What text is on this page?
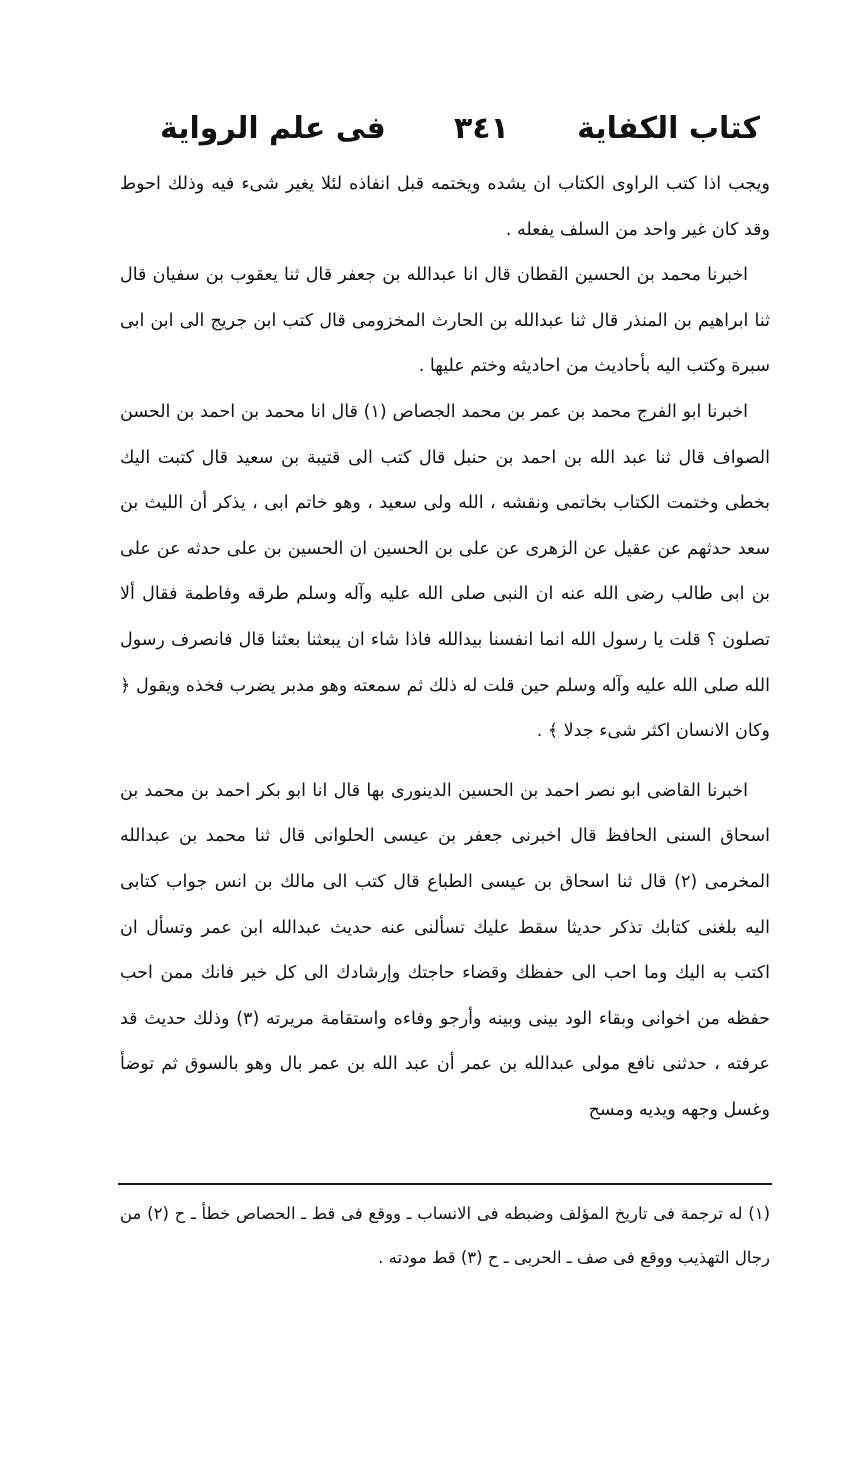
كتاب الكفاية
٣٤١
فى علم الرواية

ويجب اذا كتب الراوى الكتاب ان يشده ويختمه قبل انفاذه لئلا يغير شىء فيه وذلك احوط وقد كان غير واحد من السلف يفعله .

اخبرنا محمد بن الحسين القطان قال انا عبدالله بن جعفر قال ثنا يعقوب بن سفيان قال ثنا ابراهيم بن المنذر قال ثنا عبدالله بن الحارث المخزومى قال كتب ابن جريج الى ابن ابى سبرة وكتب اليه بأحاديث من احاديثه وختم عليها .

اخبرنا ابو الفرج محمد بن عمر بن محمد الجصاص (١) قال انا محمد بن احمد بن الحسن الصواف قال ثنا عبد الله بن احمد بن حنبل قال كتب الى قتيبة بن سعيد قال كتبت اليك بخطى وختمت الكتاب بخاتمى ونقشه ، الله ولى سعيد ، وهو خاتم ابى ، يذكر أن الليث بن سعد حدثهم عن عقيل عن الزهرى عن على بن الحسين ان الحسين بن على حدثه عن على بن ابى طالب رضى الله عنه ان النبى صلى الله عليه وآله وسلم طرقه وفاطمة فقال ألا تصلون ؟ قلت يا رسول الله انما انفسنا بيدالله فاذا شاء ان يبعثنا بعثنا قال فانصرف رسول الله صلى الله عليه وآله وسلم حين قلت له ذلك ثم سمعته وهو مدبر يضرب فخذه ويقول ﴿ وكان الانسان اكثر شىء جدلا ﴾ .

اخبرنا القاضى ابو نصر احمد بن الحسين الدينورى بها قال انا ابو بكر احمد بن محمد بن اسحاق السنى الحافظ قال اخبرنى جعفر بن عيسى الحلوانى قال ثنا محمد بن عبدالله المخرمى (٢) قال ثنا اسحاق بن عيسى الطباع قال كتب الى مالك بن انس جواب كتابى اليه بلغنى كتابك تذكر حديثا سقط عليك تسألنى عنه حديث عبدالله ابن عمر وتسأل ان اكتب به اليك وما احب الى حفظك وقضاء حاجتك وإرشادك الى كل خير فانك ممن احب حفظه من اخوانى وبقاء الود بينى وبينه وأرجو وفاءه واستقامة مريرته (٣) وذلك حديث قد عرفته ، حدثنى نافع مولى عبدالله بن عمر أن عبد الله بن عمر بال وهو بالسوق ثم توضأ وغسل وجهه ويديه ومسح

(١) له ترجمة فى تاريخ المؤلف وضبطه فى الانساب ـ ووقع فى قط ـ الحصاص خطأ ـ ح (٢) من رجال التهذيب ووقع فى صف ـ الحربى ـ ح (٣) قط مودته .
